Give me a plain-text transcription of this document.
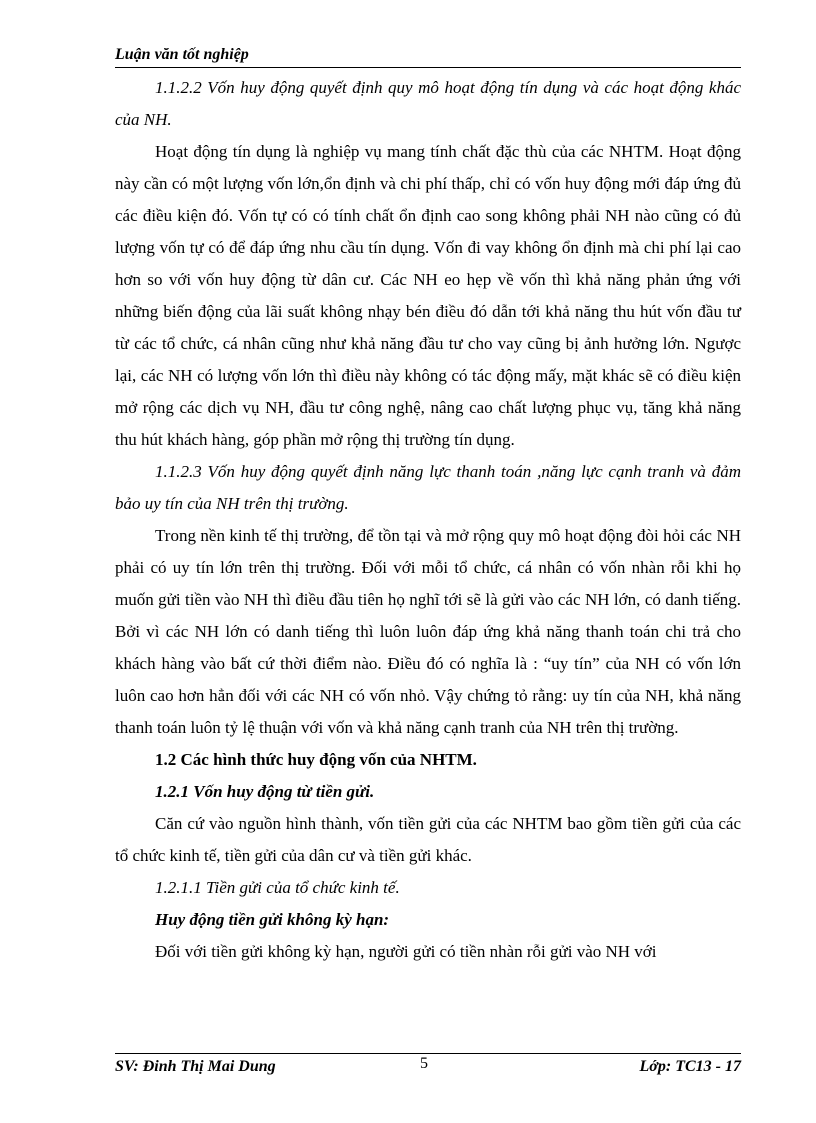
Luận văn tốt nghiệp

1.1.2.2 Vốn huy động quyết định quy mô hoạt động tín dụng và các hoạt động khác của NH.

Hoạt động tín dụng là nghiệp vụ mang tính chất đặc thù của các NHTM. Hoạt động này cần có một lượng vốn lớn,ổn định và chi phí thấp, chỉ có vốn huy động mới đáp ứng đủ các điều kiện đó. Vốn tự có có tính chất ổn định cao song không phải NH nào cũng có đủ lượng vốn tự có để đáp ứng nhu cầu tín dụng. Vốn đi vay không ổn định mà chi phí lại cao hơn so với vốn huy động từ dân cư. Các NH eo hẹp về vốn thì khả năng phản ứng với những biến động của lãi suất không nhạy bén điều đó dẫn tới khả năng thu hút vốn đầu tư từ các tổ chức, cá nhân cũng như khả năng đầu tư cho vay cũng bị ảnh hưởng lớn. Ngược lại, các NH có lượng vốn lớn thì điều này không có tác động mấy, mặt khác sẽ có điều kiện mở rộng các dịch vụ NH, đầu tư công nghệ, nâng cao chất lượng phục vụ, tăng khả năng thu hút khách hàng, góp phần mở rộng thị trường tín dụng.

1.1.2.3 Vốn huy động quyết định năng lực thanh toán ,năng lực cạnh tranh và đảm bảo uy tín của NH trên thị trường.

Trong nền kinh tế thị trường, để tồn tại và mở rộng quy mô hoạt động đòi hỏi các NH phải có uy tín lớn trên thị trường. Đối với mỗi tổ chức, cá nhân có vốn nhàn rỗi khi họ muốn gửi tiền vào NH thì điều đầu tiên họ nghĩ tới sẽ là gửi vào các NH lớn, có danh tiếng. Bởi vì các NH lớn có danh tiếng thì luôn luôn đáp ứng khả năng thanh toán chi trả cho khách hàng vào bất cứ thời điểm nào. Điều đó có nghĩa là : “uy tín” của NH có vốn lớn luôn cao hơn hẳn đối với các NH có vốn nhỏ. Vậy chứng tỏ rằng: uy tín của NH, khả năng thanh toán luôn tỷ lệ thuận với vốn và khả năng cạnh tranh của NH trên thị trường.

1.2 Các hình thức huy động vốn của NHTM.

1.2.1 Vốn huy động từ tiền gửi.

Căn cứ vào nguồn hình thành, vốn tiền gửi của các NHTM bao gồm tiền gửi của các tổ chức kinh tế, tiền gửi của dân cư và tiền gửi khác.

1.2.1.1 Tiền gửi của tổ chức kinh tế.

Huy động tiền gửi không kỳ hạn:

Đối với tiền gửi không kỳ hạn, người gửi có tiền nhàn rỗi gửi vào NH với

SV: Đinh Thị Mai Dung	5	Lớp: TC13 - 17
